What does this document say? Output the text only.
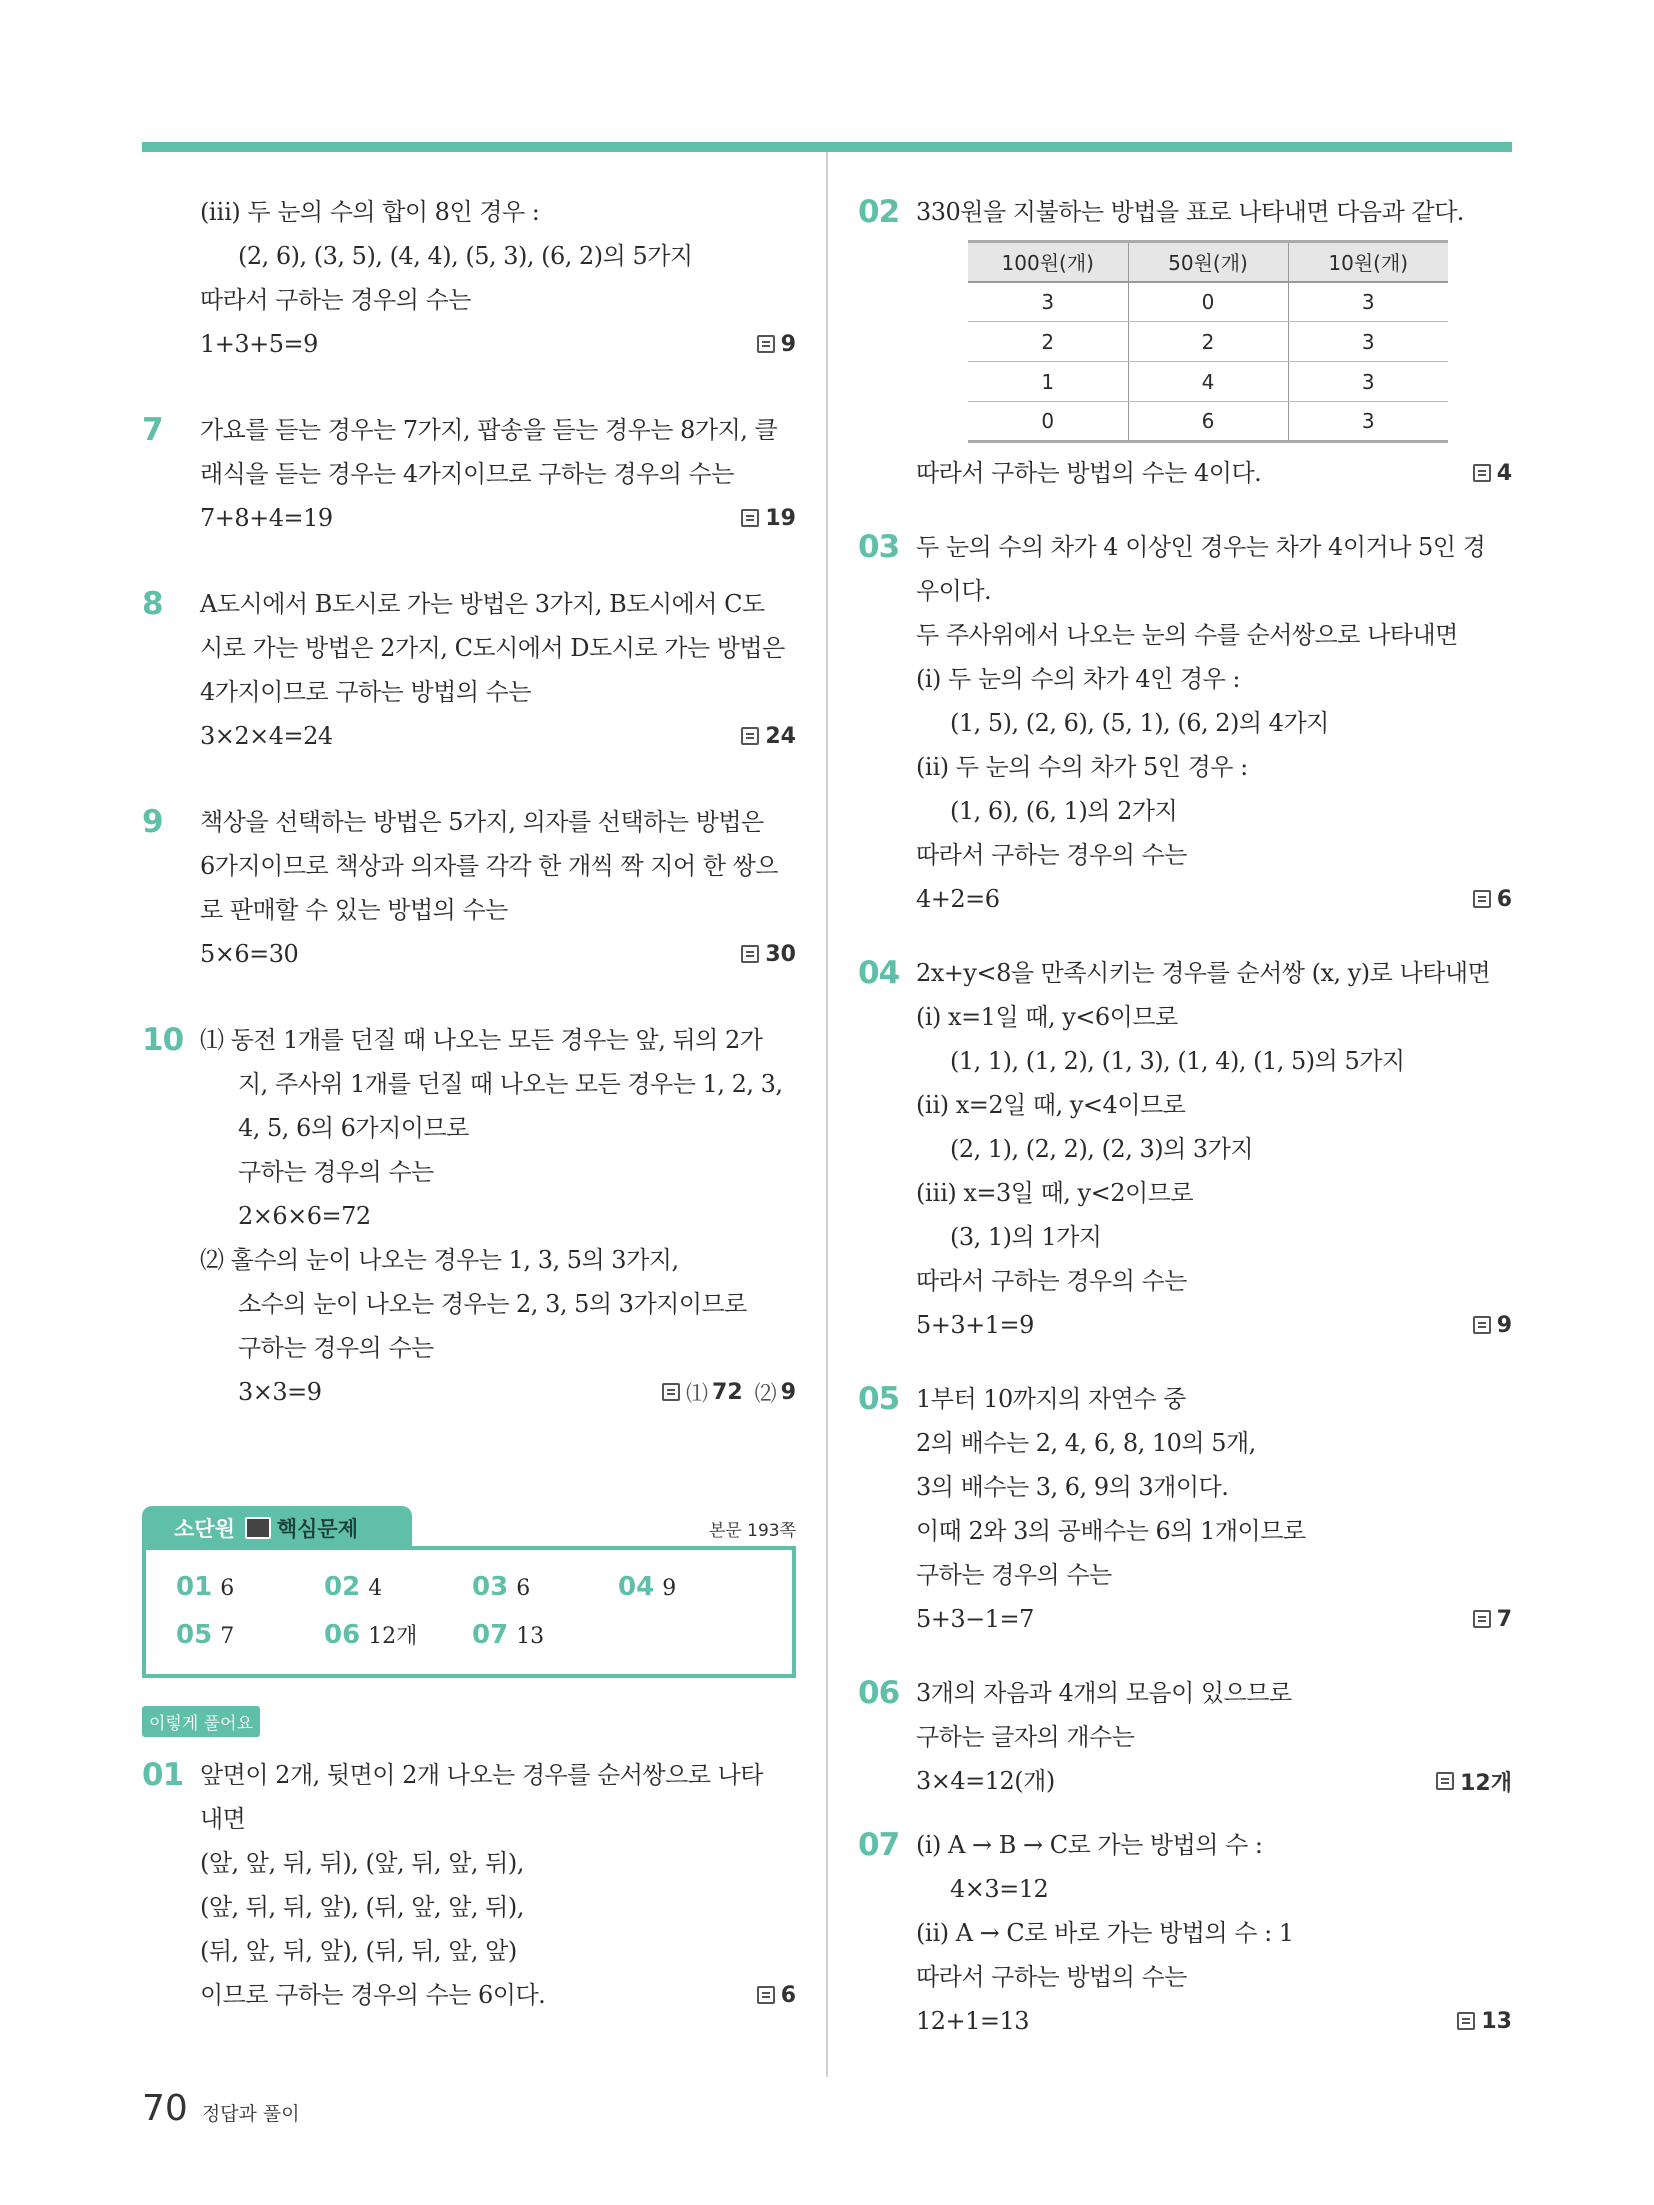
(ⅲ) 두 눈의 수의 합이 8인 경우 :
(2, 6), (3, 5), (4, 4), (5, 3), (6, 2)의 5가지
따라서 구하는 경우의 수는
1+3+5=9	9
7 가요를 듣는 경우는 7가지, 팝송을 듣는 경우는 8가지, 클
래식을 듣는 경우는 4가지이므로 구하는 경우의 수는
7+8+4=19	19
8 A도시에서 B도시로 가는 방법은 3가지, B도시에서 C도
시로 가는 방법은 2가지, C도시에서 D도시로 가는 방법은
4가지이므로 구하는 방법의 수는
3×2×4=24	24
9 책상을 선택하는 방법은 5가지, 의자를 선택하는 방법은
6가지이므로 책상과 의자를 각각 한 개씩 짝 지어 한 쌍으
로 판매할 수 있는 방법의 수는
5×6=30	30
10 ⑴ 동전 1개를 던질 때 나오는 모든 경우는 앞, 뒤의 2가
지, 주사위 1개를 던질 때 나오는 모든 경우는 1, 2, 3,
4, 5, 6의 6가지이므로
구하는 경우의 수는
2×6×6=72
⑵ 홀수의 눈이 나오는 경우는 1, 3, 5의 3가지,
소수의 눈이 나오는 경우는 2, 3, 5의 3가지이므로
구하는 경우의 수는
3×3=9	⑴ 72 ⑵ 9
소단원 핵심문제	본문 193쪽
01 6	02 4	03 6	04 9
05 7	06 12개 07 13
이렇게 풀어요
01 앞면이 2개, 뒷면이 2개 나오는 경우를 순서쌍으로 나타
내면
(앞, 앞, 뒤, 뒤), (앞, 뒤, 앞, 뒤),
(앞, 뒤, 뒤, 앞), (뒤, 앞, 앞, 뒤),
(뒤, 앞, 뒤, 앞), (뒤, 뒤, 앞, 앞)
이므로 구하는 경우의 수는 6이다.	6
02 330원을 지불하는 방법을 표로 나타내면 다음과 같다.
100원(개)	50원(개)	10원(개)
3	0	3
2	2	3
1	4	3
0	6	3
따라서 구하는 방법의 수는 4이다.	4
03 두 눈의 수의 차가 4 이상인 경우는 차가 4이거나 5인 경
우이다.
두 주사위에서 나오는 눈의 수를 순서쌍으로 나타내면
(ⅰ) 두 눈의 수의 차가 4인 경우 :
(1, 5), (2, 6), (5, 1), (6, 2)의 4가지
(ⅱ) 두 눈의 수의 차가 5인 경우 :
(1, 6), (6, 1)의 2가지
따라서 구하는 경우의 수는
4+2=6	6
04 2x+y<8을 만족시키는 경우를 순서쌍 (x, y)로 나타내면
(ⅰ) x=1일 때, y<6이므로
(1, 1), (1, 2), (1, 3), (1, 4), (1, 5)의 5가지
(ⅱ) x=2일 때, y<4이므로
(2, 1), (2, 2), (2, 3)의 3가지
(ⅲ) x=3일 때, y<2이므로
(3, 1)의 1가지
따라서 구하는 경우의 수는
5+3+1=9	9
05 1부터 10까지의 자연수 중
2의 배수는 2, 4, 6, 8, 10의 5개,
3의 배수는 3, 6, 9의 3개이다.
이때 2와 3의 공배수는 6의 1개이므로
구하는 경우의 수는
5+3−1=7	7
06 3개의 자음과 4개의 모음이 있으므로
구하는 글자의 개수는
3×4=12(개)	12개
07 (ⅰ) A → B → C로 가는 방법의 수 :
4×3=12
(ⅱ) A → C로 바로 가는 방법의 수 : 1
따라서 구하는 방법의 수는
12+1=13	13
70 정답과 풀이
